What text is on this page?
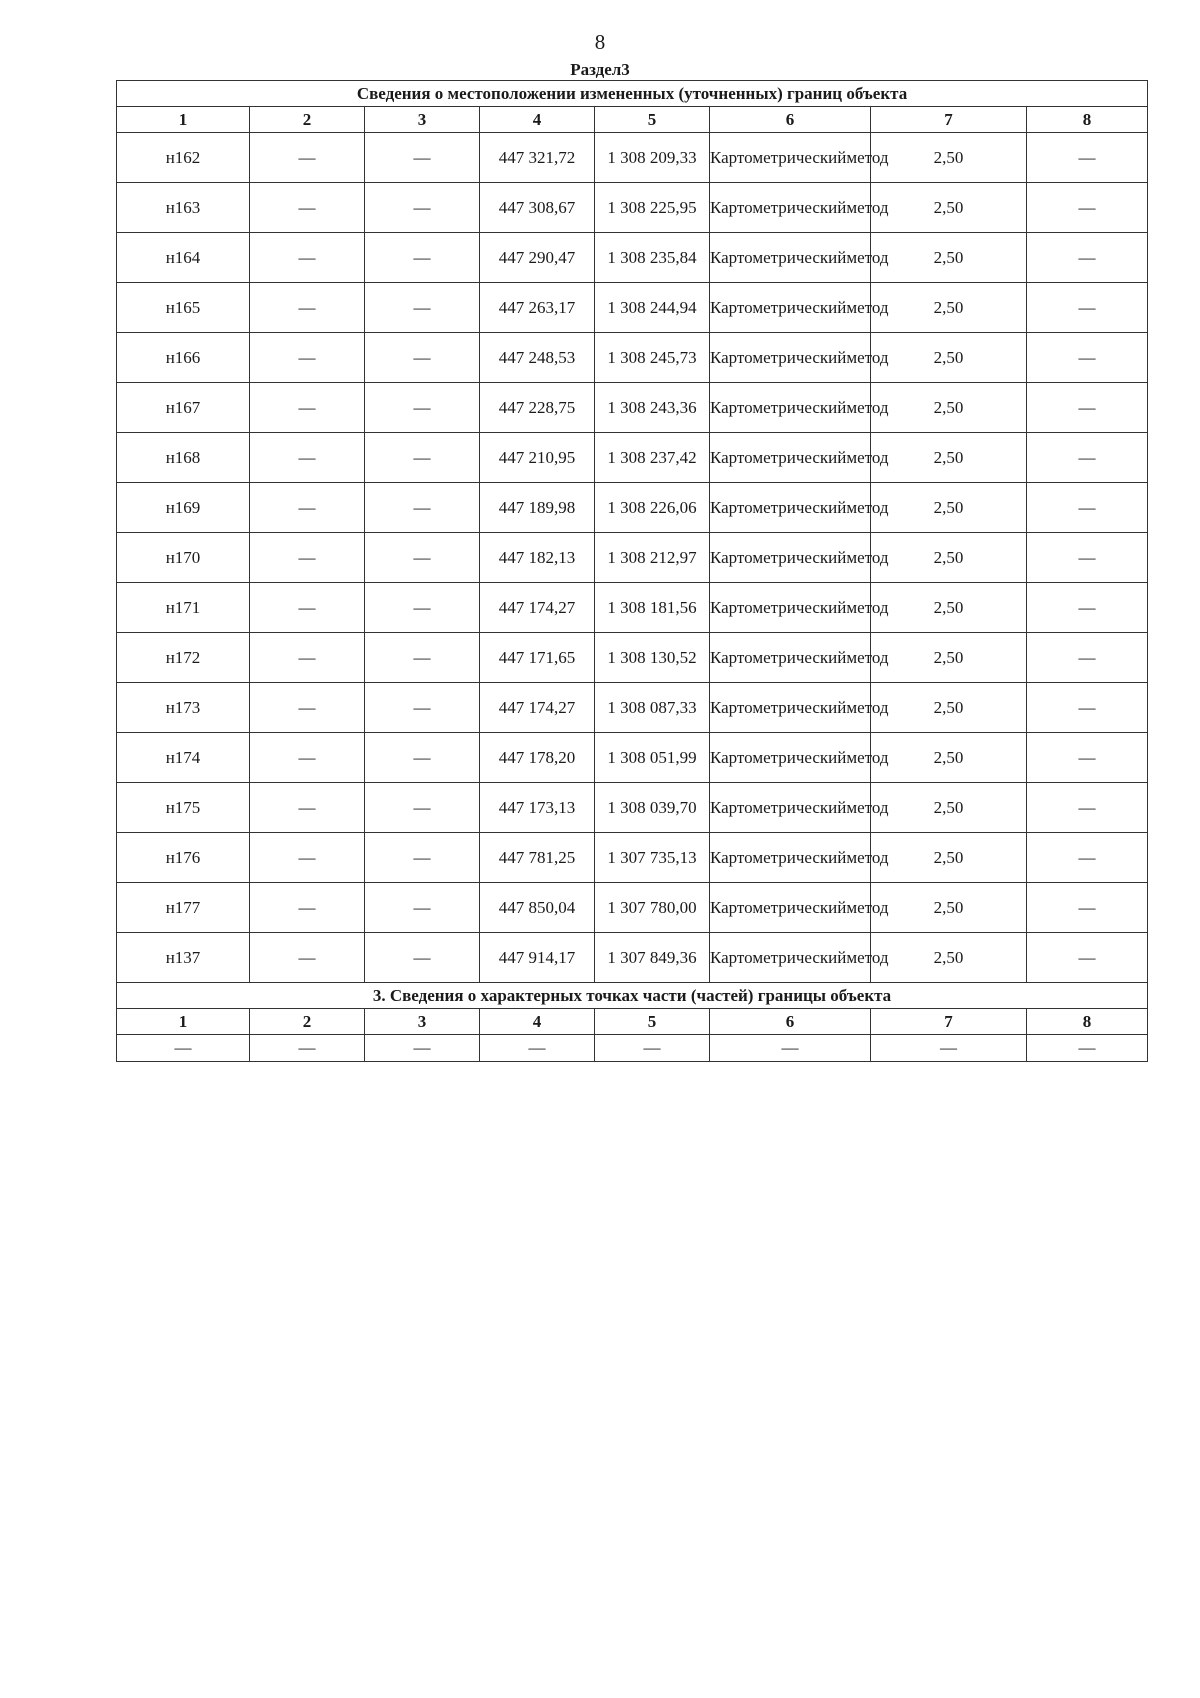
8
Раздел3
Сведения о местоположении измененных (уточненных) границ объекта							
1	2	3	4	5	6	7	8
н162	—	—	447 321,72	1 308 209,33	Картометрическийметод	2,50	—
н163	—	—	447 308,67	1 308 225,95	Картометрическийметод	2,50	—
н164	—	—	447 290,47	1 308 235,84	Картометрическийметод	2,50	—
н165	—	—	447 263,17	1 308 244,94	Картометрическийметод	2,50	—
н166	—	—	447 248,53	1 308 245,73	Картометрическийметод	2,50	—
н167	—	—	447 228,75	1 308 243,36	Картометрическийметод	2,50	—
н168	—	—	447 210,95	1 308 237,42	Картометрическийметод	2,50	—
н169	—	—	447 189,98	1 308 226,06	Картометрическийметод	2,50	—
н170	—	—	447 182,13	1 308 212,97	Картометрическийметод	2,50	—
н171	—	—	447 174,27	1 308 181,56	Картометрическийметод	2,50	—
н172	—	—	447 171,65	1 308 130,52	Картометрическийметод	2,50	—
н173	—	—	447 174,27	1 308 087,33	Картометрическийметод	2,50	—
н174	—	—	447 178,20	1 308 051,99	Картометрическийметод	2,50	—
н175	—	—	447 173,13	1 308 039,70	Картометрическийметод	2,50	—
н176	—	—	447 781,25	1 307 735,13	Картометрическийметод	2,50	—
н177	—	—	447 850,04	1 307 780,00	Картометрическийметод	2,50	—
н137	—	—	447 914,17	1 307 849,36	Картометрическийметод	2,50	—
3. Сведения о характерных точках части (частей) границы объекта							
1	2	3	4	5	6	7	8
—	—	—	—	—	—	—	—
